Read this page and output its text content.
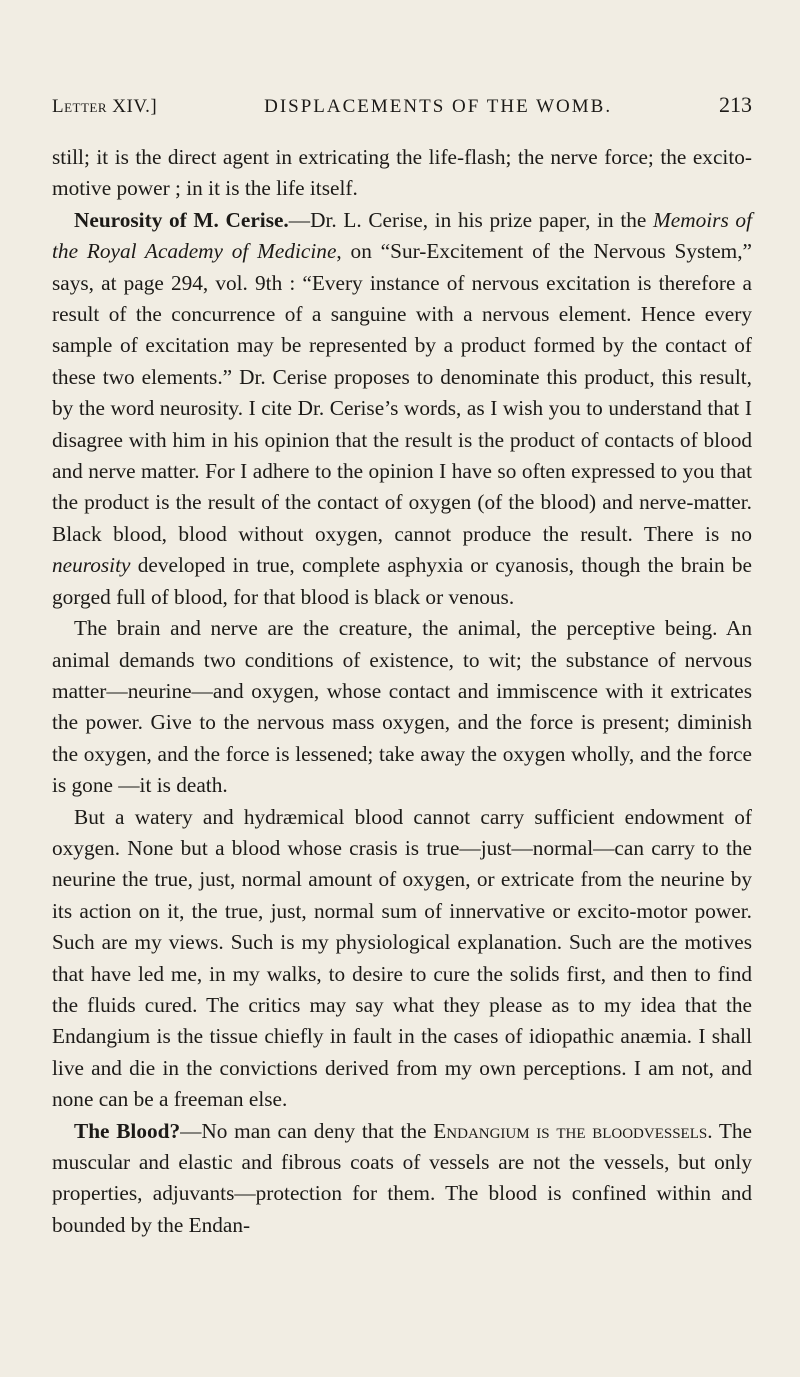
Letter XIV.]	DISPLACEMENTS OF THE WOMB.	213

still; it is the direct agent in extricating the life-flash; the nerve force; the excito-motive power ; in it is the life itself.

Neurosity of M. Cerise.—Dr. L. Cerise, in his prize paper, in the Memoirs of the Royal Academy of Medicine, on “Sur-Excitement of the Nervous System,” says, at page 294, vol. 9th : “Every instance of nervous excitation is therefore a result of the concurrence of a sanguine with a nervous element. Hence every sample of excitation may be represented by a product formed by the contact of these two elements.” Dr. Cerise proposes to denominate this product, this result, by the word neurosity. I cite Dr. Cerise’s words, as I wish you to understand that I disagree with him in his opinion that the result is the product of contacts of blood and nerve matter. For I adhere to the opinion I have so often expressed to you that the product is the result of the contact of oxygen (of the blood) and nerve-matter. Black blood, blood without oxygen, cannot produce the result. There is no neurosity developed in true, complete asphyxia or cyanosis, though the brain be gorged full of blood, for that blood is black or venous.

The brain and nerve are the creature, the animal, the perceptive being. An animal demands two conditions of existence, to wit; the substance of nervous matter—neurine—and oxygen, whose contact and immiscence with it extricates the power. Give to the nervous mass oxygen, and the force is present; diminish the oxygen, and the force is lessened; take away the oxygen wholly, and the force is gone —it is death.

But a watery and hydræmical blood cannot carry sufficient endowment of oxygen. None but a blood whose crasis is true—just—normal—can carry to the neurine the true, just, normal amount of oxygen, or extricate from the neurine by its action on it, the true, just, normal sum of innervative or excito-motor power. Such are my views. Such is my physiological explanation. Such are the motives that have led me, in my walks, to desire to cure the solids first, and then to find the fluids cured. The critics may say what they please as to my idea that the Endangium is the tissue chiefly in fault in the cases of idiopathic anæmia. I shall live and die in the convictions derived from my own perceptions. I am not, and none can be a freeman else.

The Blood?—No man can deny that the Endangium is the bloodvessels. The muscular and elastic and fibrous coats of vessels are not the vessels, but only properties, adjuvants—protection for them. The blood is confined within and bounded by the Endan-
